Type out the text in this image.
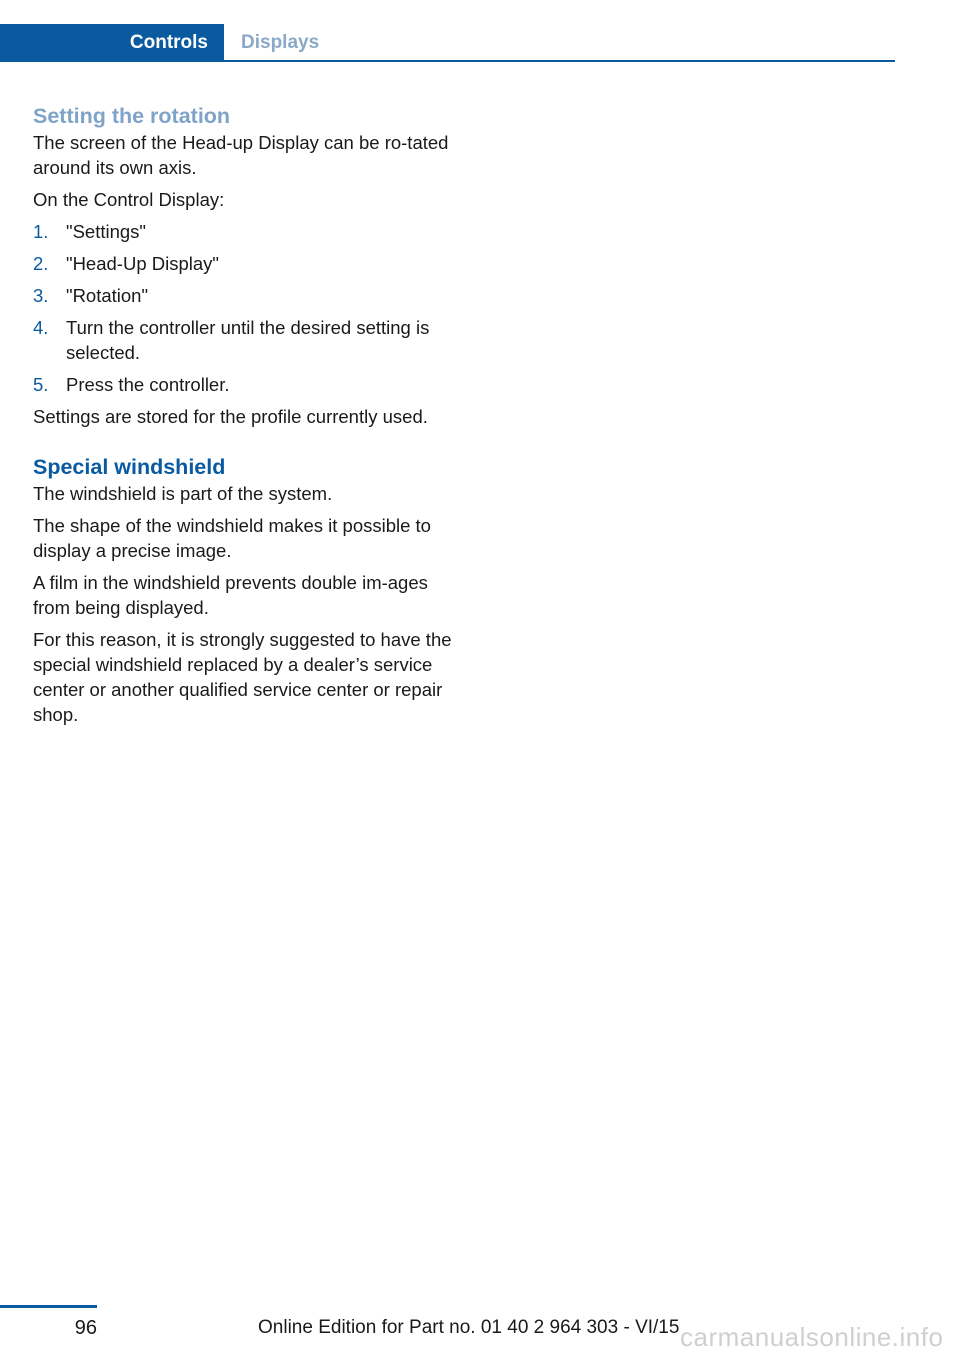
Controls	Displays
Setting the rotation

The screen of the Head-up Display can be ro‐tated around its own axis.

On the Control Display:

1. "Settings"
2. "Head-Up Display"
3. "Rotation"
4. Turn the controller until the desired setting is selected.
5. Press the controller.

Settings are stored for the profile currently used.

Special windshield

The windshield is part of the system.

The shape of the windshield makes it possible to display a precise image.

A film in the windshield prevents double im‐ages from being displayed.

For this reason, it is strongly suggested to have the special windshield replaced by a dealer’s service center or another qualified service center or repair shop.

96	Online Edition for Part no. 01 40 2 964 303 - VI/15 carmanualsonline.info
